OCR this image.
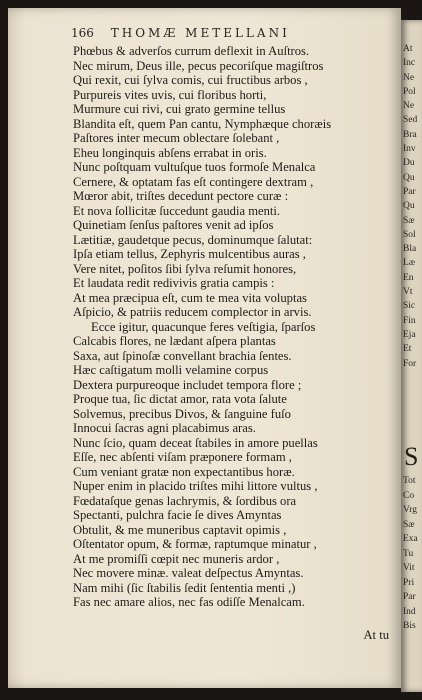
166 THOMÆ METELLANI
Phœbus & adverſos currum deflexit in Auſtros.
Nec mirum, Deus ille, pecus pecoriſque magiſtros
Qui rexit, cui ſylva comis, cui fructibus arbos ,
Purpureis vites uvis, cui floribus horti,
Murmure cui rivi, cui grato germine tellus
Blandita eſt, quem Pan cantu, Nymphæque choræis
Paſtores inter mecum oblectare ſolebant ,
Eheu longinquis abſens errabat in oris.
Nunc poſtquam vultuſque tuos formoſe Menalca
Cernere, & optatam fas eſt contingere dextram ,
Mœror abit, triſtes decedunt pectore curæ :
Et nova ſollicitæ ſuccedunt gaudia menti.
Quinetiam ſenſus paſtores venit ad ipſos
Lætitiæ, gaudetque pecus, dominumque ſalutat:
Ipſa etiam tellus, Zephyris mulcentibus auras ,
Vere nitet, poſitos ſibi ſylva reſumit honores,
Et laudata redit redivivis gratia campis :
At mea præcipua eſt, cum te mea vita voluptas
Aſpicio, & patriis reducem complector in arvis.
Ecce igitur, quacunque feres veſtigia, ſparſos
Calcabis flores, ne lædant aſpera plantas
Saxa, aut ſpinoſæ convellant brachia ſentes.
Hæc caſtigatum molli velamine corpus
Dextera purpureoque includet tempora flore ;
Proque tua, ſic dictat amor, rata vota ſalute
Solvemus, precibus Divos, & ſanguine fuſo
Innocui ſacras agni placabimus aras.
Nunc ſcio, quam deceat ſtabiles in amore puellas
Eſſe, nec abſenti viſam præponere formam ,
Cum veniant gratæ non expectantibus horæ.
Nuper enim in placido triſtes mihi littore vultus ,
Fœdataſque genas lachrymis, & ſordibus ora
Spectanti, pulchra facie ſe dives Amyntas
Obtulit, & me muneribus captavit opimis ,
Oſtentator opum, & formæ, raptumque minatur ,
At me promiſſi cœpit nec muneris ardor ,
Nec movere minæ. valeat deſpectus Amyntas.
Nam mihi (ſic ſtabilis ſedit ſententia menti ,)
Fas nec amare alios, nec fas odiſſe Menalcam.
At tu
At
Inc
Ne
Pol
Ne
Sed
Bra
Inv
Du
Qu
Par
Qu
Sæ
Sol
Bla
Læ
En
Vt
Sic
Fin
Eja
Et
For
S
Tot
Co
Vrg
Sæ
Exa
Tu
Vit
Pri
Par
Ind
Bis
